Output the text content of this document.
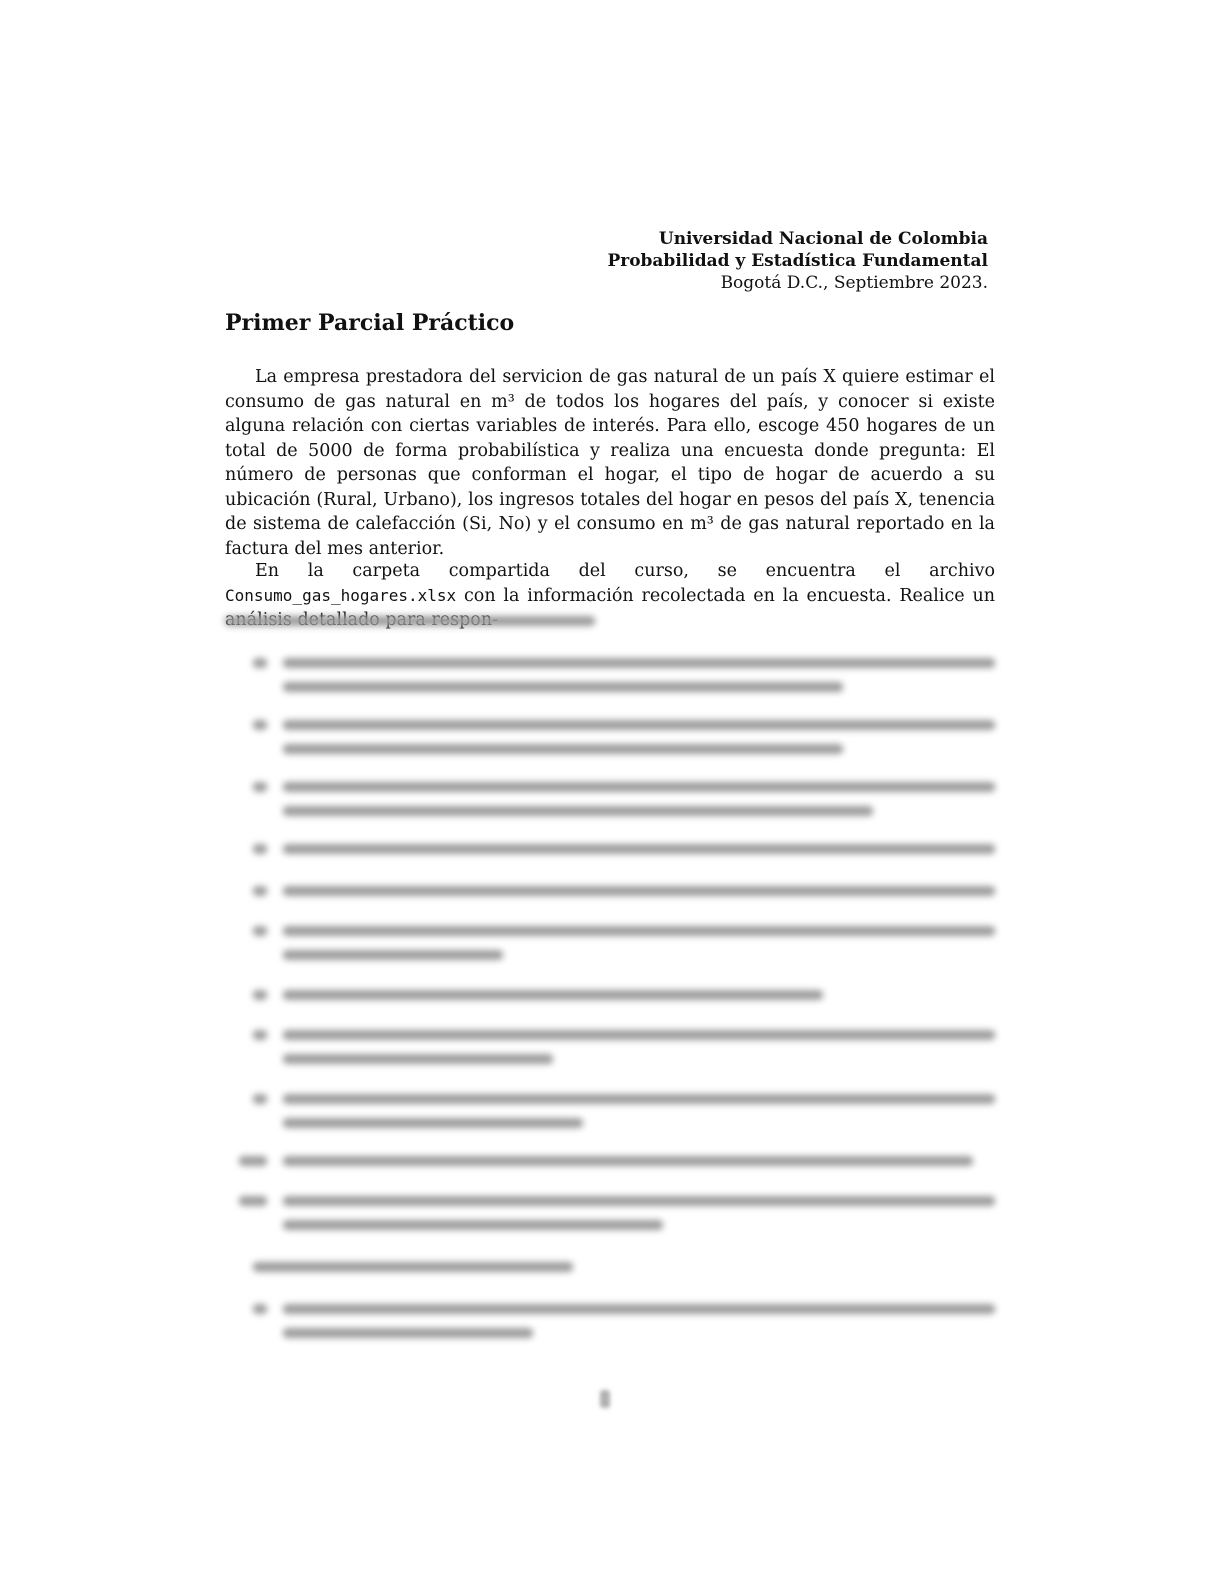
Universidad Nacional de Colombia
Probabilidad y Estadística Fundamental
Bogotá D.C., Septiembre 2023.
Primer Parcial Práctico

La empresa prestadora del servicion de gas natural de un país X quiere estimar el consumo de gas natural en m³ de todos los hogares del país, y conocer si existe alguna relación con ciertas variables de interés. Para ello, escoge 450 hogares de un total de 5000 de forma probabilística y realiza una encuesta donde pregunta: El número de personas que conforman el hogar, el tipo de hogar de acuerdo a su ubicación (Rural, Urbano), los ingresos totales del hogar en pesos del país X, tenencia de sistema de calefacción (Si, No) y el consumo en m³ de gas natural reportado en la factura del mes anterior.

En la carpeta compartida del curso, se encuentra el archivo Consumo_gas_hogares.xlsx con la información recolectada en la encuesta. Realice un
